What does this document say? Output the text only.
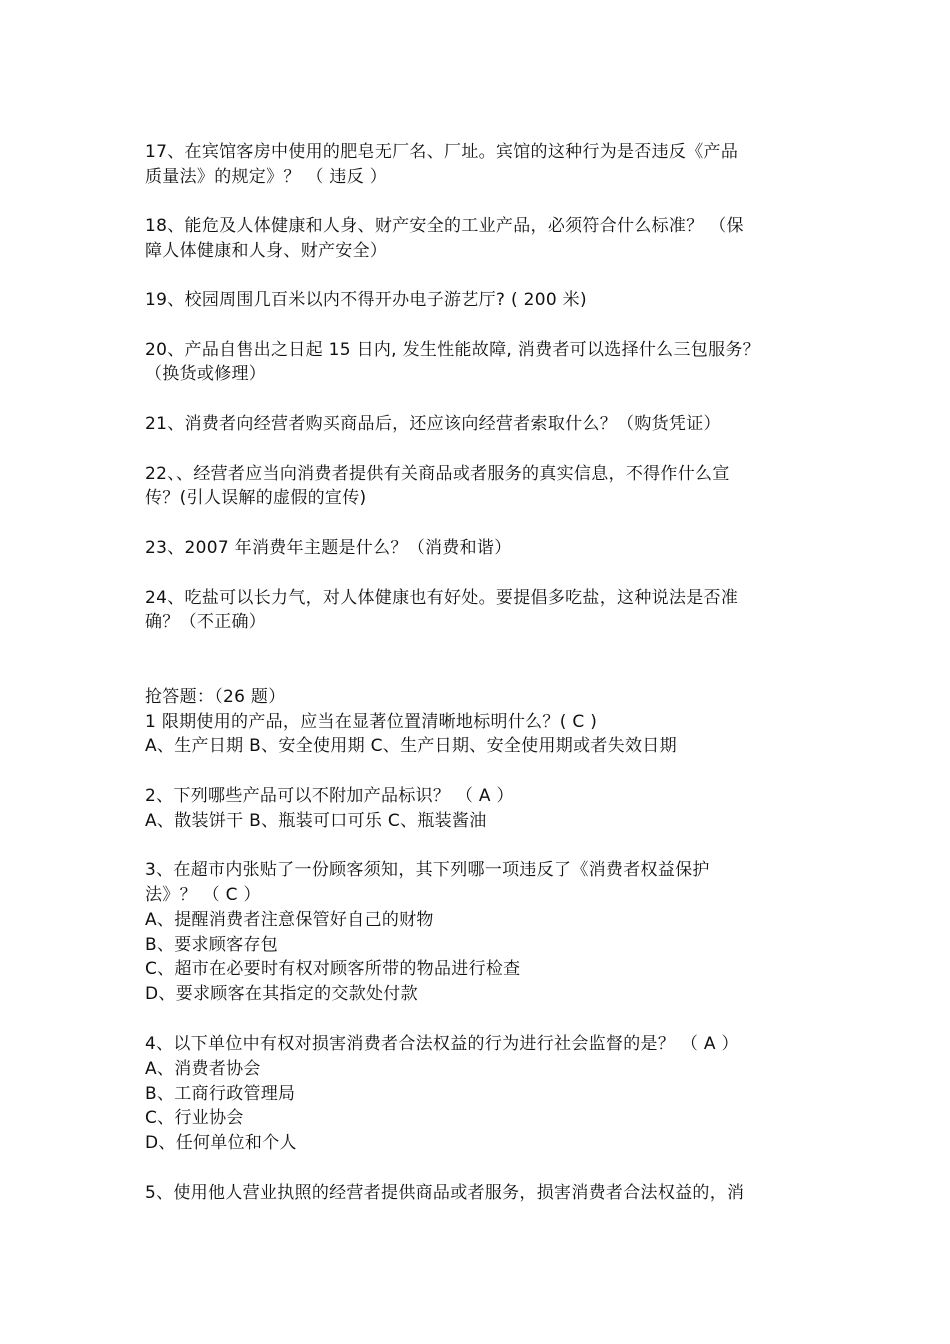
17、在宾馆客房中使用的肥皂无厂名、厂址。宾馆的这种行为是否违反《产品
质量法》的规定》？ （ 违反 ）
18、能危及人体健康和人身、财产安全的工业产品，必须符合什么标准？ （保
障人体健康和人身、财产安全）
19、校园周围几百米以内不得开办电子游艺厅? ( 200 米)
20、产品自售出之日起 15 日内, 发生性能故障, 消费者可以选择什么三包服务？
（换货或修理）
21、消费者向经营者购买商品后，还应该向经营者索取什么？（购货凭证）
22、、经营者应当向消费者提供有关商品或者服务的真实信息，不得作什么宣
传？(引人误解的虚假的宣传)
23、2007 年消费年主题是什么？（消费和谐）
24、吃盐可以长力气，对人体健康也有好处。要提倡多吃盐，这种说法是否准
确？（不正确）
抢答题：（26 题）
1 限期使用的产品，应当在显著位置清晰地标明什么？( C )
A、生产日期 B、安全使用期 C、生产日期、安全使用期或者失效日期
2、下列哪些产品可以不附加产品标识？ （ A ）
A、散装饼干 B、瓶装可口可乐 C、瓶装酱油
3、在超市内张贴了一份顾客须知，其下列哪一项违反了《消费者权益保护
法》？ （ C ）
A、提醒消费者注意保管好自己的财物
B、要求顾客存包
C、超市在必要时有权对顾客所带的物品进行检查
D、要求顾客在其指定的交款处付款
4、以下单位中有权对损害消费者合法权益的行为进行社会监督的是？ （ A ）
A、消费者协会
B、工商行政管理局
C、行业协会
D、任何单位和个人
5、使用他人营业执照的经营者提供商品或者服务，损害消费者合法权益的，消
